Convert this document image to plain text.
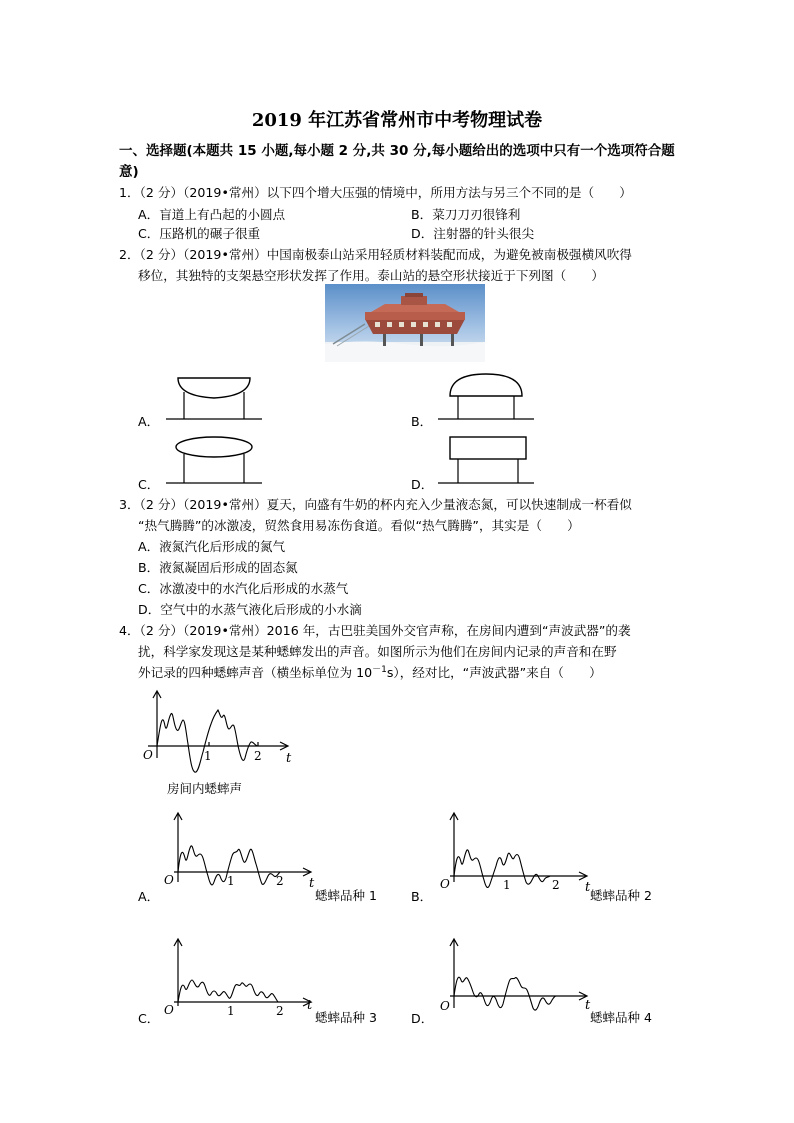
2019 年江苏省常州市中考物理试卷
一、选择题(本题共 15 小题,每小题 2 分,共 30 分,每小题给出的选项中只有一个选项符合题
意)
1．（2 分）（2019•常州）以下四个增大压强的情境中，所用方法与另三个不同的是（　　）
A．盲道上有凸起的小圆点	B．菜刀刀刃很锋利
C．压路机的碾子很重	D．注射器的针头很尖
2．（2 分）（2019•常州）中国南极泰山站采用轻质材料装配而成，为避免被南极强横风吹得
移位，其独特的支架悬空形状发挥了作用。泰山站的悬空形状接近于下列图（　　）
A．	B．
C．	D．
3．（2 分）（2019•常州）夏天，向盛有牛奶的杯内充入少量液态氮，可以快速制成一杯看似
“热气腾腾”的冰激凌，贸然食用易冻伤食道。看似“热气腾腾”，其实是（　　）
A．液氮汽化后形成的氮气
B．液氮凝固后形成的固态氮
C．冰激凌中的水汽化后形成的水蒸气
D．空气中的水蒸气液化后形成的小水滴
4．（2 分）（2019•常州）2016 年，古巴驻美国外交官声称，在房间内遭到“声波武器”的袭
扰，科学家发现这是某种蟋蟀发出的声音。如图所示为他们在房间内记录的声音和在野
外记录的四种蟋蟀声音（横坐标单位为 $10^{-1}s$），经对比，“声波武器”来自（　　）
O	1	2 t
房间内蟋蟀声
A．
O	1	2 t
蟋蟀品种 1	B．
O	1	2 t
蟋蟀品种 2
C．
O	1	2 t
蟋蟀品种 3	D．
O	t
蟋蟀品种 4
